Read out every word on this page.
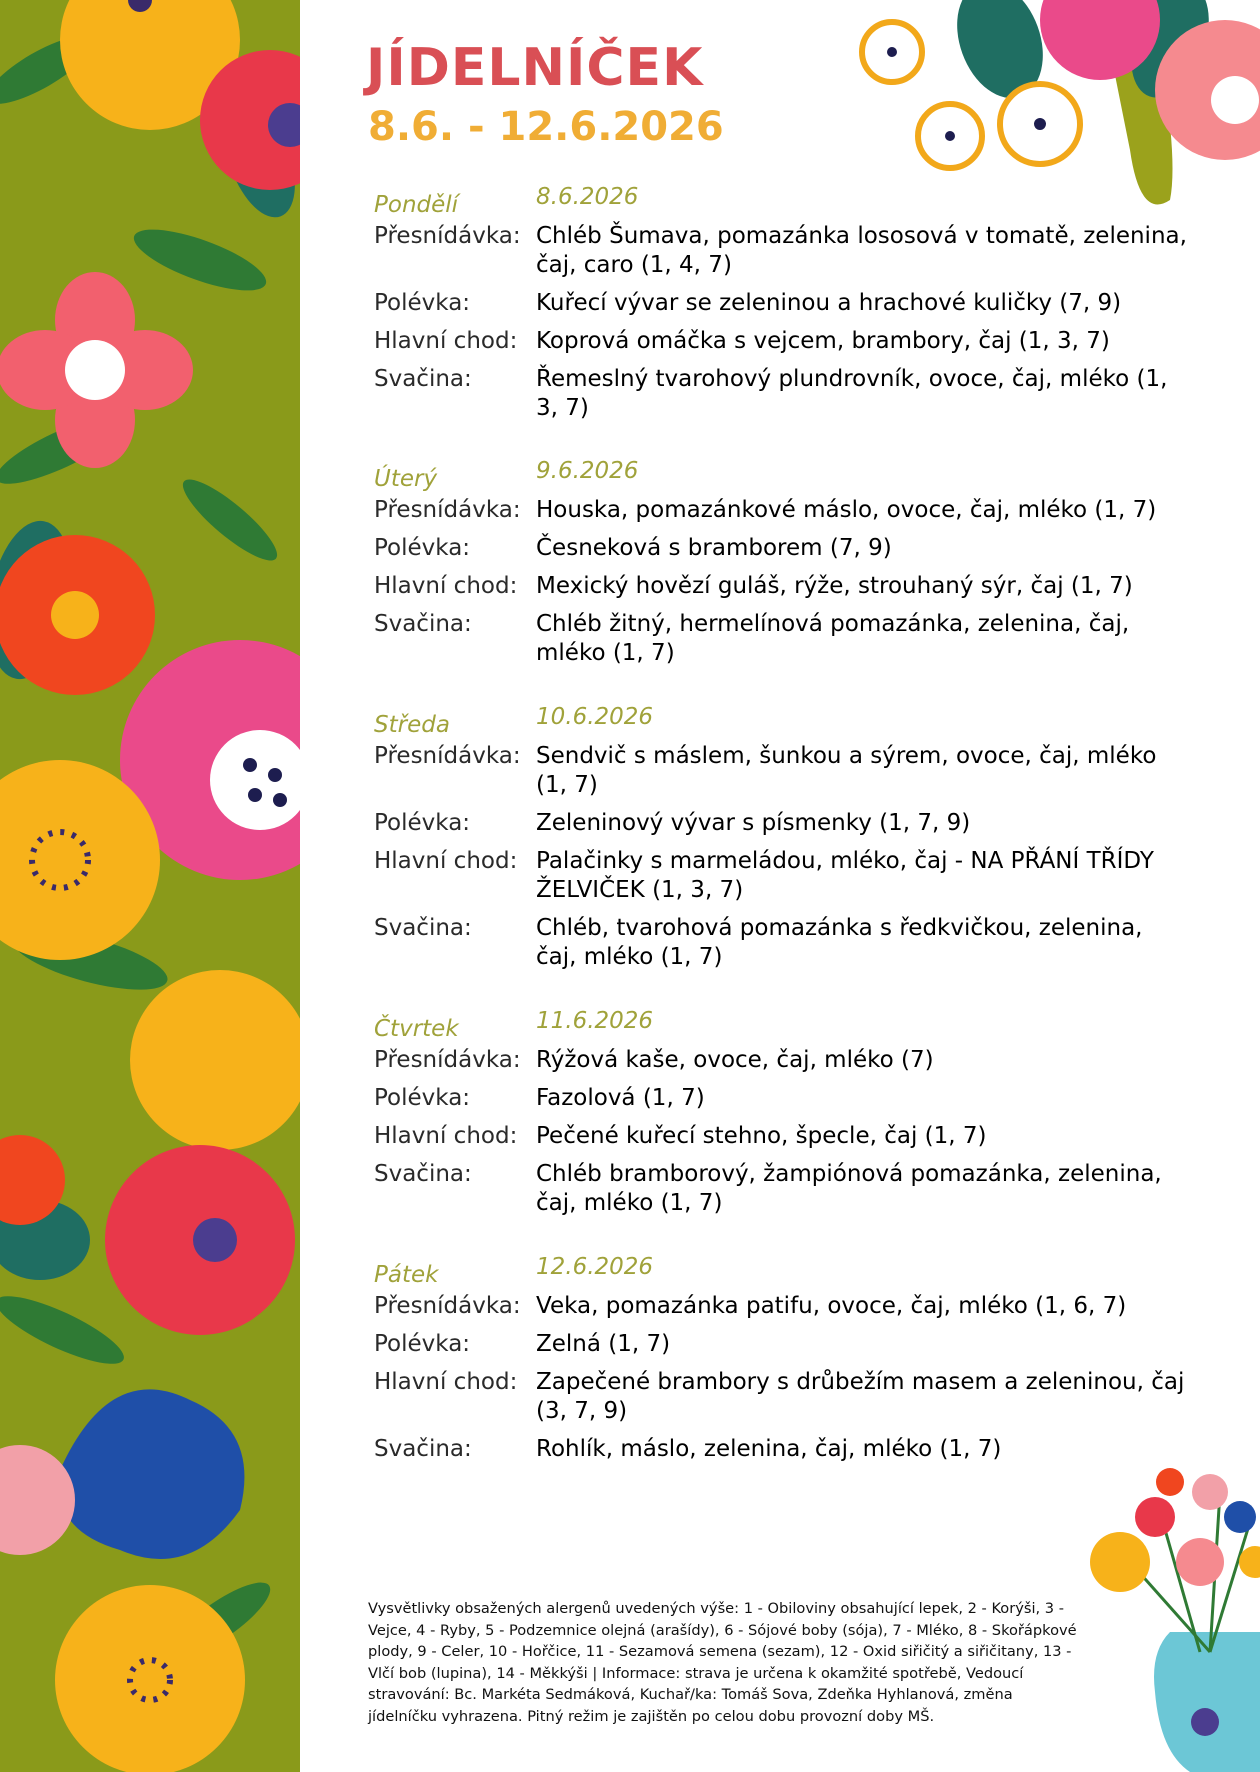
JÍDELNÍČEK
8.6. - 12.6.2026
Pondělí	8.6.2026
Přesnídávka: Chléb Šumava, pomazánka lososová v tomatě, zelenina, čaj, caro (1, 4, 7)
Polévka:	Kuřecí vývar se zeleninou a hrachové kuličky (7, 9)
Hlavní chod: Koprová omáčka s vejcem, brambory, čaj (1, 3, 7)
Svačina:	Řemeslný tvarohový plundrovník, ovoce, čaj, mléko (1, 3, 7)
Úterý	9.6.2026
Přesnídávka: Houska, pomazánkové máslo, ovoce, čaj, mléko (1, 7)
Polévka:	Česneková s bramborem (7, 9)
Hlavní chod: Mexický hovězí guláš, rýže, strouhaný sýr, čaj (1, 7)
Svačina:	Chléb žitný, hermelínová pomazánka, zelenina, čaj, mléko (1, 7)
Středa	10.6.2026
Přesnídávka: Sendvič s máslem, šunkou a sýrem, ovoce, čaj, mléko (1, 7)
Polévka:	Zeleninový vývar s písmenky (1, 7, 9)
Hlavní chod: Palačinky s marmeládou, mléko, čaj - NA PŘÁNÍ TŘÍDY ŽELVIČEK (1, 3, 7)
Svačina:	Chléb, tvarohová pomazánka s ředkvičkou, zelenina, čaj, mléko (1, 7)
Čtvrtek	11.6.2026
Přesnídávka: Rýžová kaše, ovoce, čaj, mléko (7)
Polévka:	Fazolová (1, 7)
Hlavní chod: Pečené kuřecí stehno, špecle, čaj (1, 7)
Svačina:	Chléb bramborový, žampiónová pomazánka, zelenina, čaj, mléko (1, 7)
Pátek	12.6.2026
Přesnídávka: Veka, pomazánka patifu, ovoce, čaj, mléko (1, 6, 7)
Polévka:	Zelná (1, 7)
Hlavní chod: Zapečené brambory s drůbežím masem a zeleninou, čaj (3, 7, 9)
Svačina:	Rohlík, máslo, zelenina, čaj, mléko (1, 7)
Vysvětlivky obsažených alergenů uvedených výše: 1 - Obiloviny obsahující lepek, 2 - Korýši, 3 - Vejce, 4 - Ryby, 5 - Podzemnice olejná (arašídy), 6 - Sójové boby (sója), 7 - Mléko, 8 - Skořápkové plody, 9 - Celer, 10 - Hořčice, 11 - Sezamová semena (sezam), 12 - Oxid siřičitý a siřičitany, 13 - Vlčí bob (lupina), 14 - Měkkýši | Informace: strava je určena k okamžité spotřebě, Vedoucí stravování: Bc. Markéta Sedmáková, Kuchař/ka: Tomáš Sova, Zdeňka Hyhlanová, změna jídelníčku vyhrazena. Pitný režim je zajištěn po celou dobu provozní doby MŠ.
